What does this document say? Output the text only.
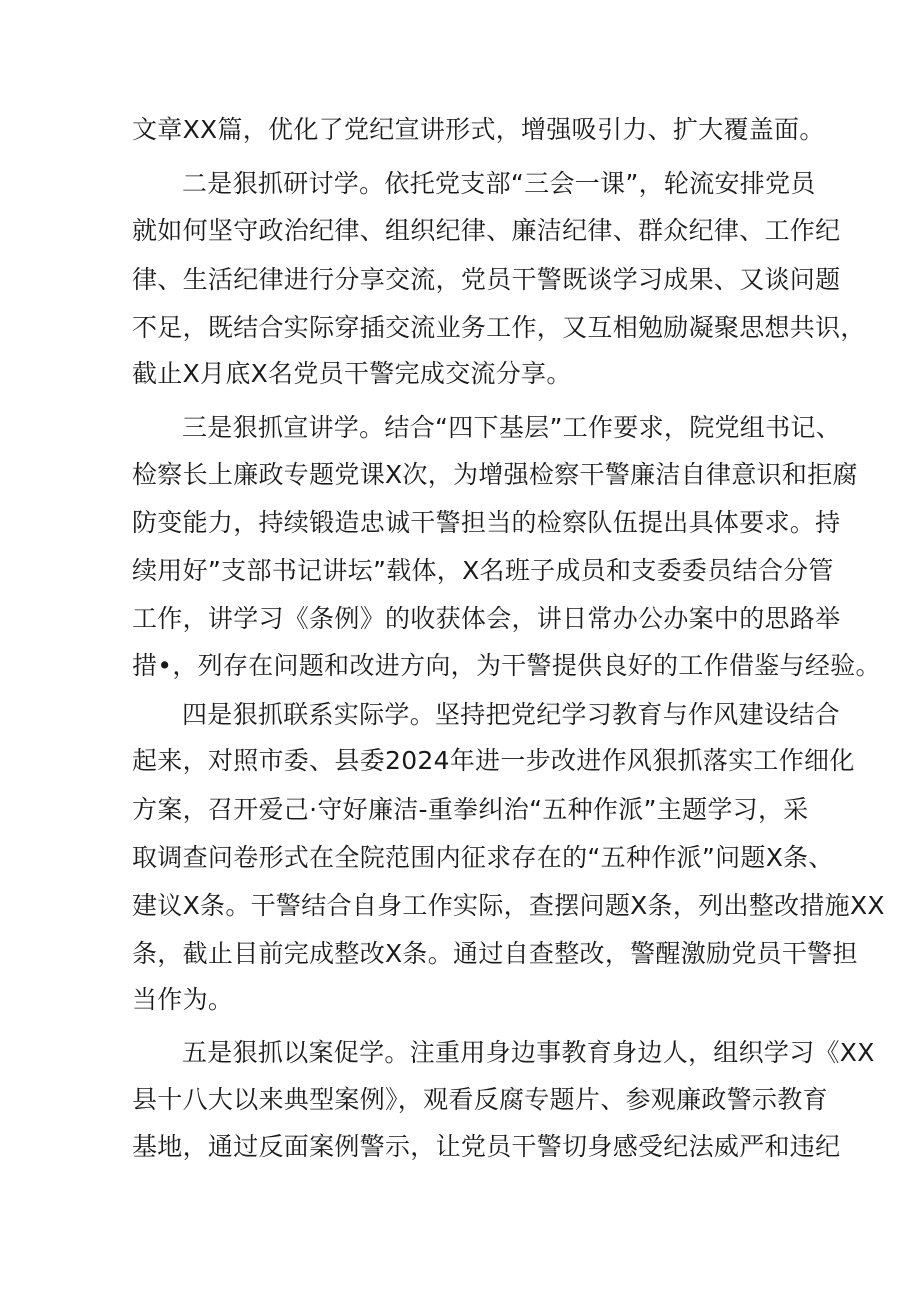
文章XX篇，优化了党纪宣讲形式，增强吸引力、扩大覆盖面。
二是狠抓研讨学。依托党支部“三会一课”，轮流安排党员
就如何坚守政治纪律、组织纪律、廉洁纪律、群众纪律、工作纪
律、生活纪律进行分享交流，党员干警既谈学习成果、又谈问题
不足，既结合实际穿插交流业务工作，又互相勉励凝聚思想共识，
截止X月底X名党员干警完成交流分享。
三是狠抓宣讲学。结合“四下基层”工作要求，院党组书记、
检察长上廉政专题党课X次，为增强检察干警廉洁自律意识和拒腐
防变能力，持续锻造忠诚干警担当的检察队伍提出具体要求。持
续用好”支部书记讲坛”载体，X名班子成员和支委委员结合分管
工作，讲学习《条例》的收获体会，讲日常办公办案中的思路举
措•，列存在问题和改进方向，为干警提供良好的工作借鉴与经验。
四是狠抓联系实际学。坚持把党纪学习教育与作风建设结合
起来，对照市委、县委2024年进一步改进作风狠抓落实工作细化
方案，召开爱己·守好廉洁-重拳纠治“五种作派”主题学习，采
取调查问卷形式在全院范围内征求存在的“五种作派”问题X条、
建议X条。干警结合自身工作实际，查摆问题X条，列出整改措施XX
条，截止目前完成整改X条。通过自查整改，警醒激励党员干警担
当作为。
五是狠抓以案促学。注重用身边事教育身边人，组织学习《XX
县十八大以来典型案例》，观看反腐专题片、参观廉政警示教育
基地，通过反面案例警示，让党员干警切身感受纪法威严和违纪
